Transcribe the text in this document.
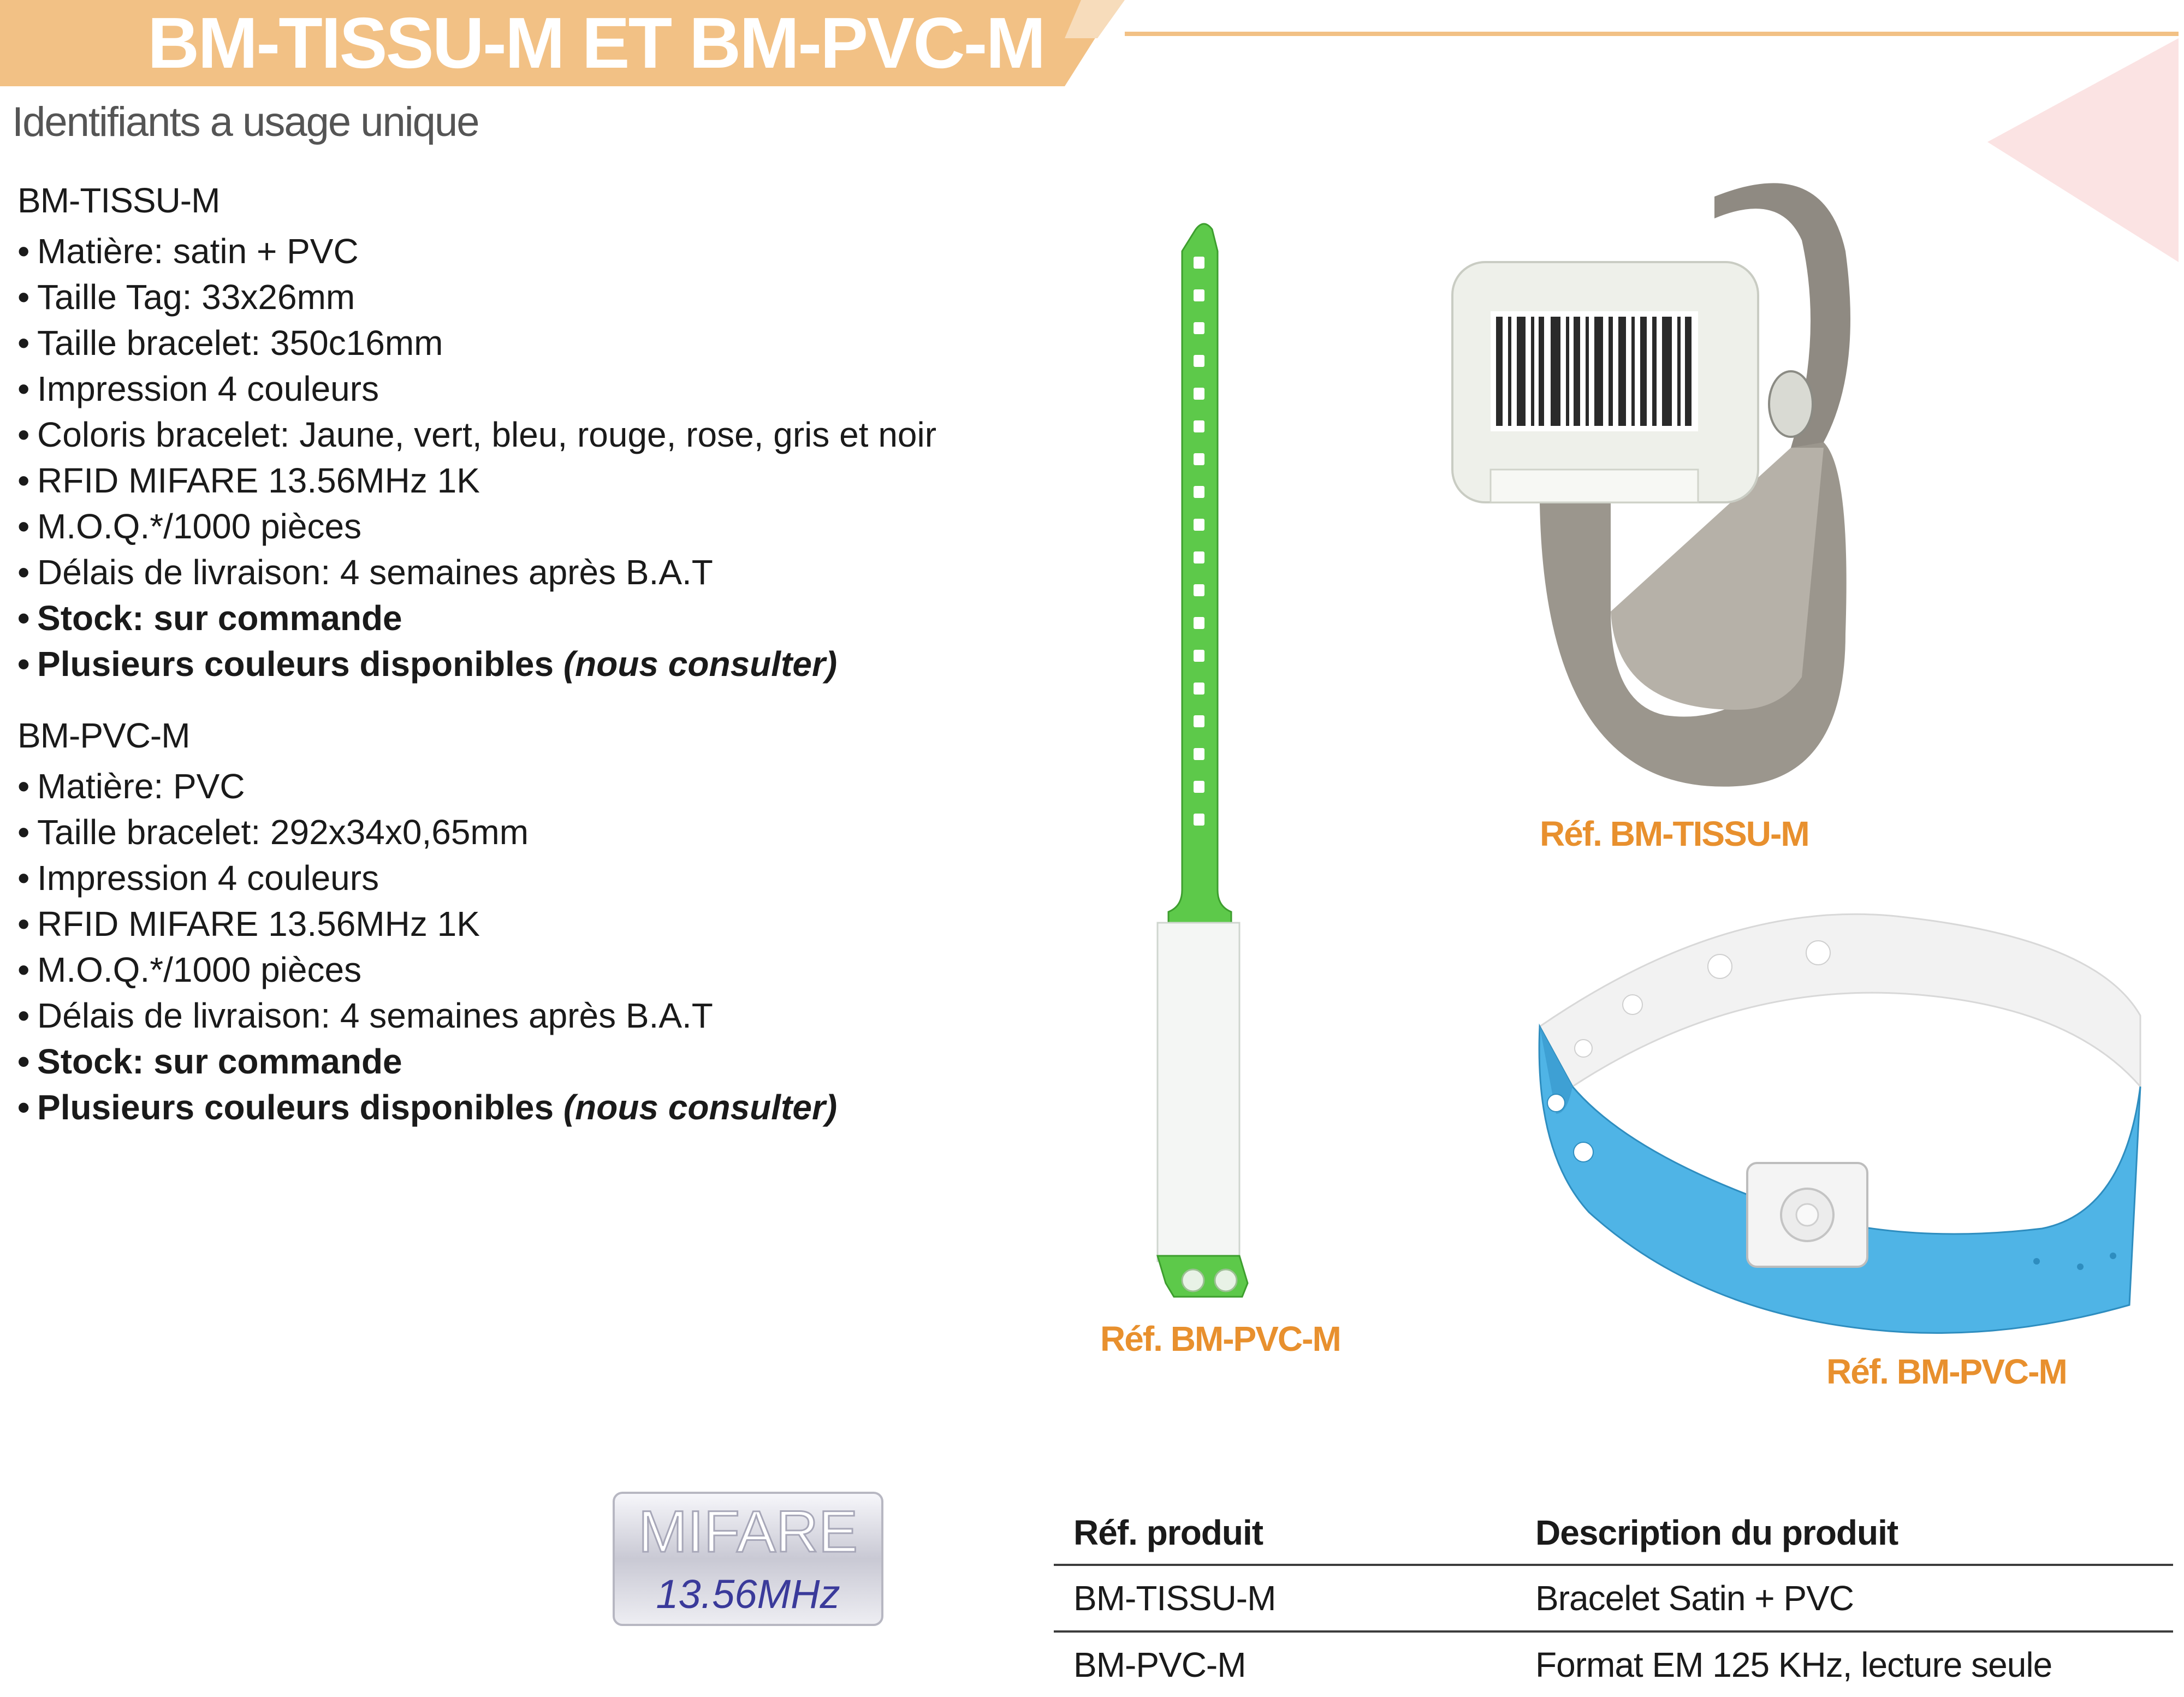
BM-TISSU-M ET BM-PVC-M
Identifiants a usage unique
BM-TISSU-M
• Matière: satin + PVC
• Taille Tag: 33x26mm
• Taille bracelet: 350c16mm
• Impression 4 couleurs
• Coloris bracelet: Jaune, vert, bleu, rouge, rose, gris et noir
• RFID MIFARE 13.56MHz 1K
• M.O.Q.*/1000 pièces
• Délais de livraison: 4 semaines après B.A.T
• Stock: sur commande
• Plusieurs couleurs disponibles (nous consulter)
BM-PVC-M
• Matière: PVC
• Taille bracelet: 292x34x0,65mm
• Impression 4 couleurs
• RFID MIFARE 13.56MHz 1K
• M.O.Q.*/1000 pièces
• Délais de livraison: 4 semaines après B.A.T
• Stock: sur commande
• Plusieurs couleurs disponibles (nous consulter)
Réf. BM-TISSU-M
Réf. BM-PVC-M
Réf. BM-PVC-M
MIFARE
13.56MHz
Réf. produit	Description du produit
BM-TISSU-M	Bracelet Satin + PVC
BM-PVC-M	Format EM 125 KHz, lecture seule
